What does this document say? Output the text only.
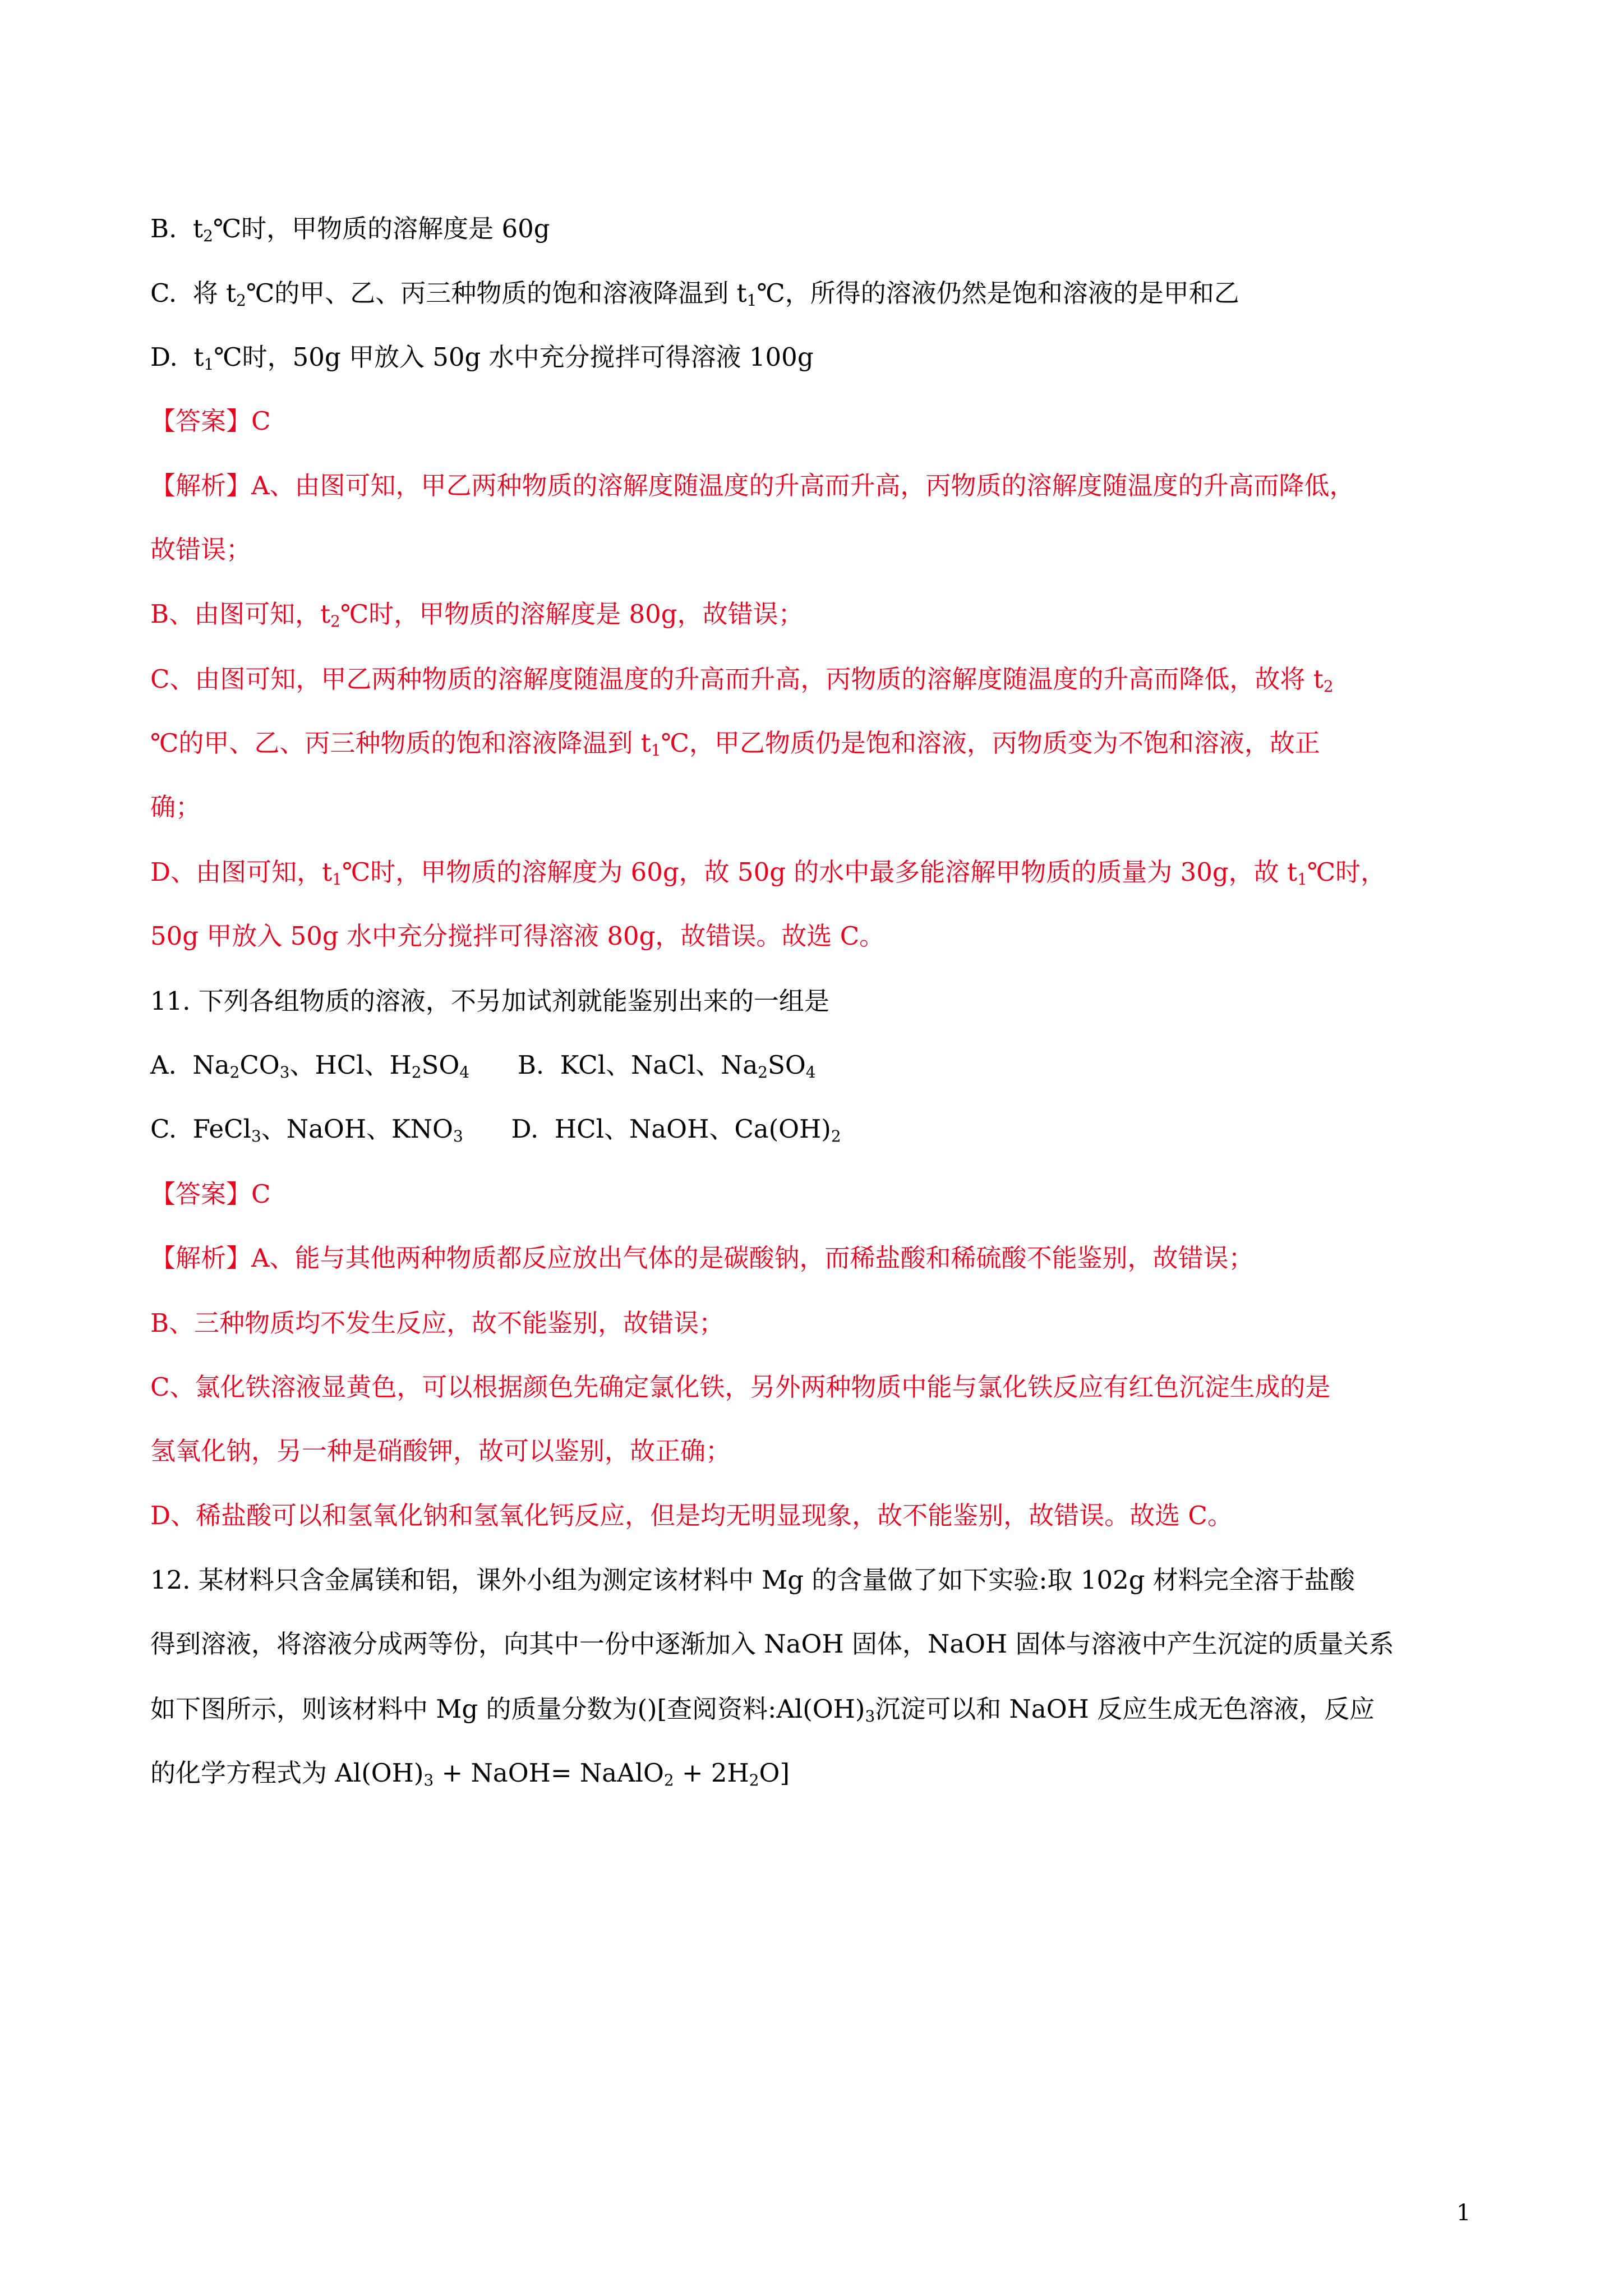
B.  $t_2℃$时，甲物质的溶解度是 60g
C.  将 $t_2℃$的甲、乙、丙三种物质的饱和溶液降温到 $t_1℃$，所得的溶液仍然是饱和溶液的是甲和乙
D.  $t_1℃$时，50g 甲放入 50g 水中充分搅拌可得溶液 100g
【答案】C
【解析】A、由图可知，甲乙两种物质的溶解度随温度的升高而升高，丙物质的溶解度随温度的升高而降低，
故错误；
B、由图可知，$t_2℃$时，甲物质的溶解度是 80g，故错误；
C、由图可知，甲乙两种物质的溶解度随温度的升高而升高，丙物质的溶解度随温度的升高而降低，故将 $t_2$
℃的甲、乙、丙三种物质的饱和溶液降温到 $t_1℃$，甲乙物质仍是饱和溶液，丙物质变为不饱和溶液，故正
确；
D、由图可知，$t_1℃$时，甲物质的溶解度为 60g，故 50g 的水中最多能溶解甲物质的质量为 30g，故 $t_1℃$时，
50g 甲放入 50g 水中充分搅拌可得溶液 80g，故错误。故选 C。
11. 下列各组物质的溶液，不另加试剂就能鉴别出来的一组是
A.  $Na_2CO_3$、HCl、$H_2SO_4$      B.  KCl、NaCl、$Na_2SO_4$
C.  FeCl$_3$、NaOH、$KNO_3$      D.  HCl、NaOH、$Ca(OH)_2$
【答案】C
【解析】A、能与其他两种物质都反应放出气体的是碳酸钠，而稀盐酸和稀硫酸不能鉴别，故错误；
B、三种物质均不发生反应，故不能鉴别，故错误；
C、氯化铁溶液显黄色，可以根据颜色先确定氯化铁，另外两种物质中能与氯化铁反应有红色沉淀生成的是
氢氧化钠，另一种是硝酸钾，故可以鉴别，故正确；
D、稀盐酸可以和氢氧化钠和氢氧化钙反应，但是均无明显现象，故不能鉴别，故错误。故选 C。
12. 某材料只含金属镁和铝，课外小组为测定该材料中 Mg 的含量做了如下实验:取 102g 材料完全溶于盐酸
得到溶液，将溶液分成两等份，向其中一份中逐渐加入 NaOH 固体，NaOH 固体与溶液中产生沉淀的质量关系
如下图所示，则该材料中 Mg 的质量分数为()[查阅资料$:Al(OH)_3$沉淀可以和 NaOH 反应生成无色溶液，反应
的化学方程式为 $Al(OH)_3$ + NaOH= NaAlO$_2$ + $2H_2O$]
1
